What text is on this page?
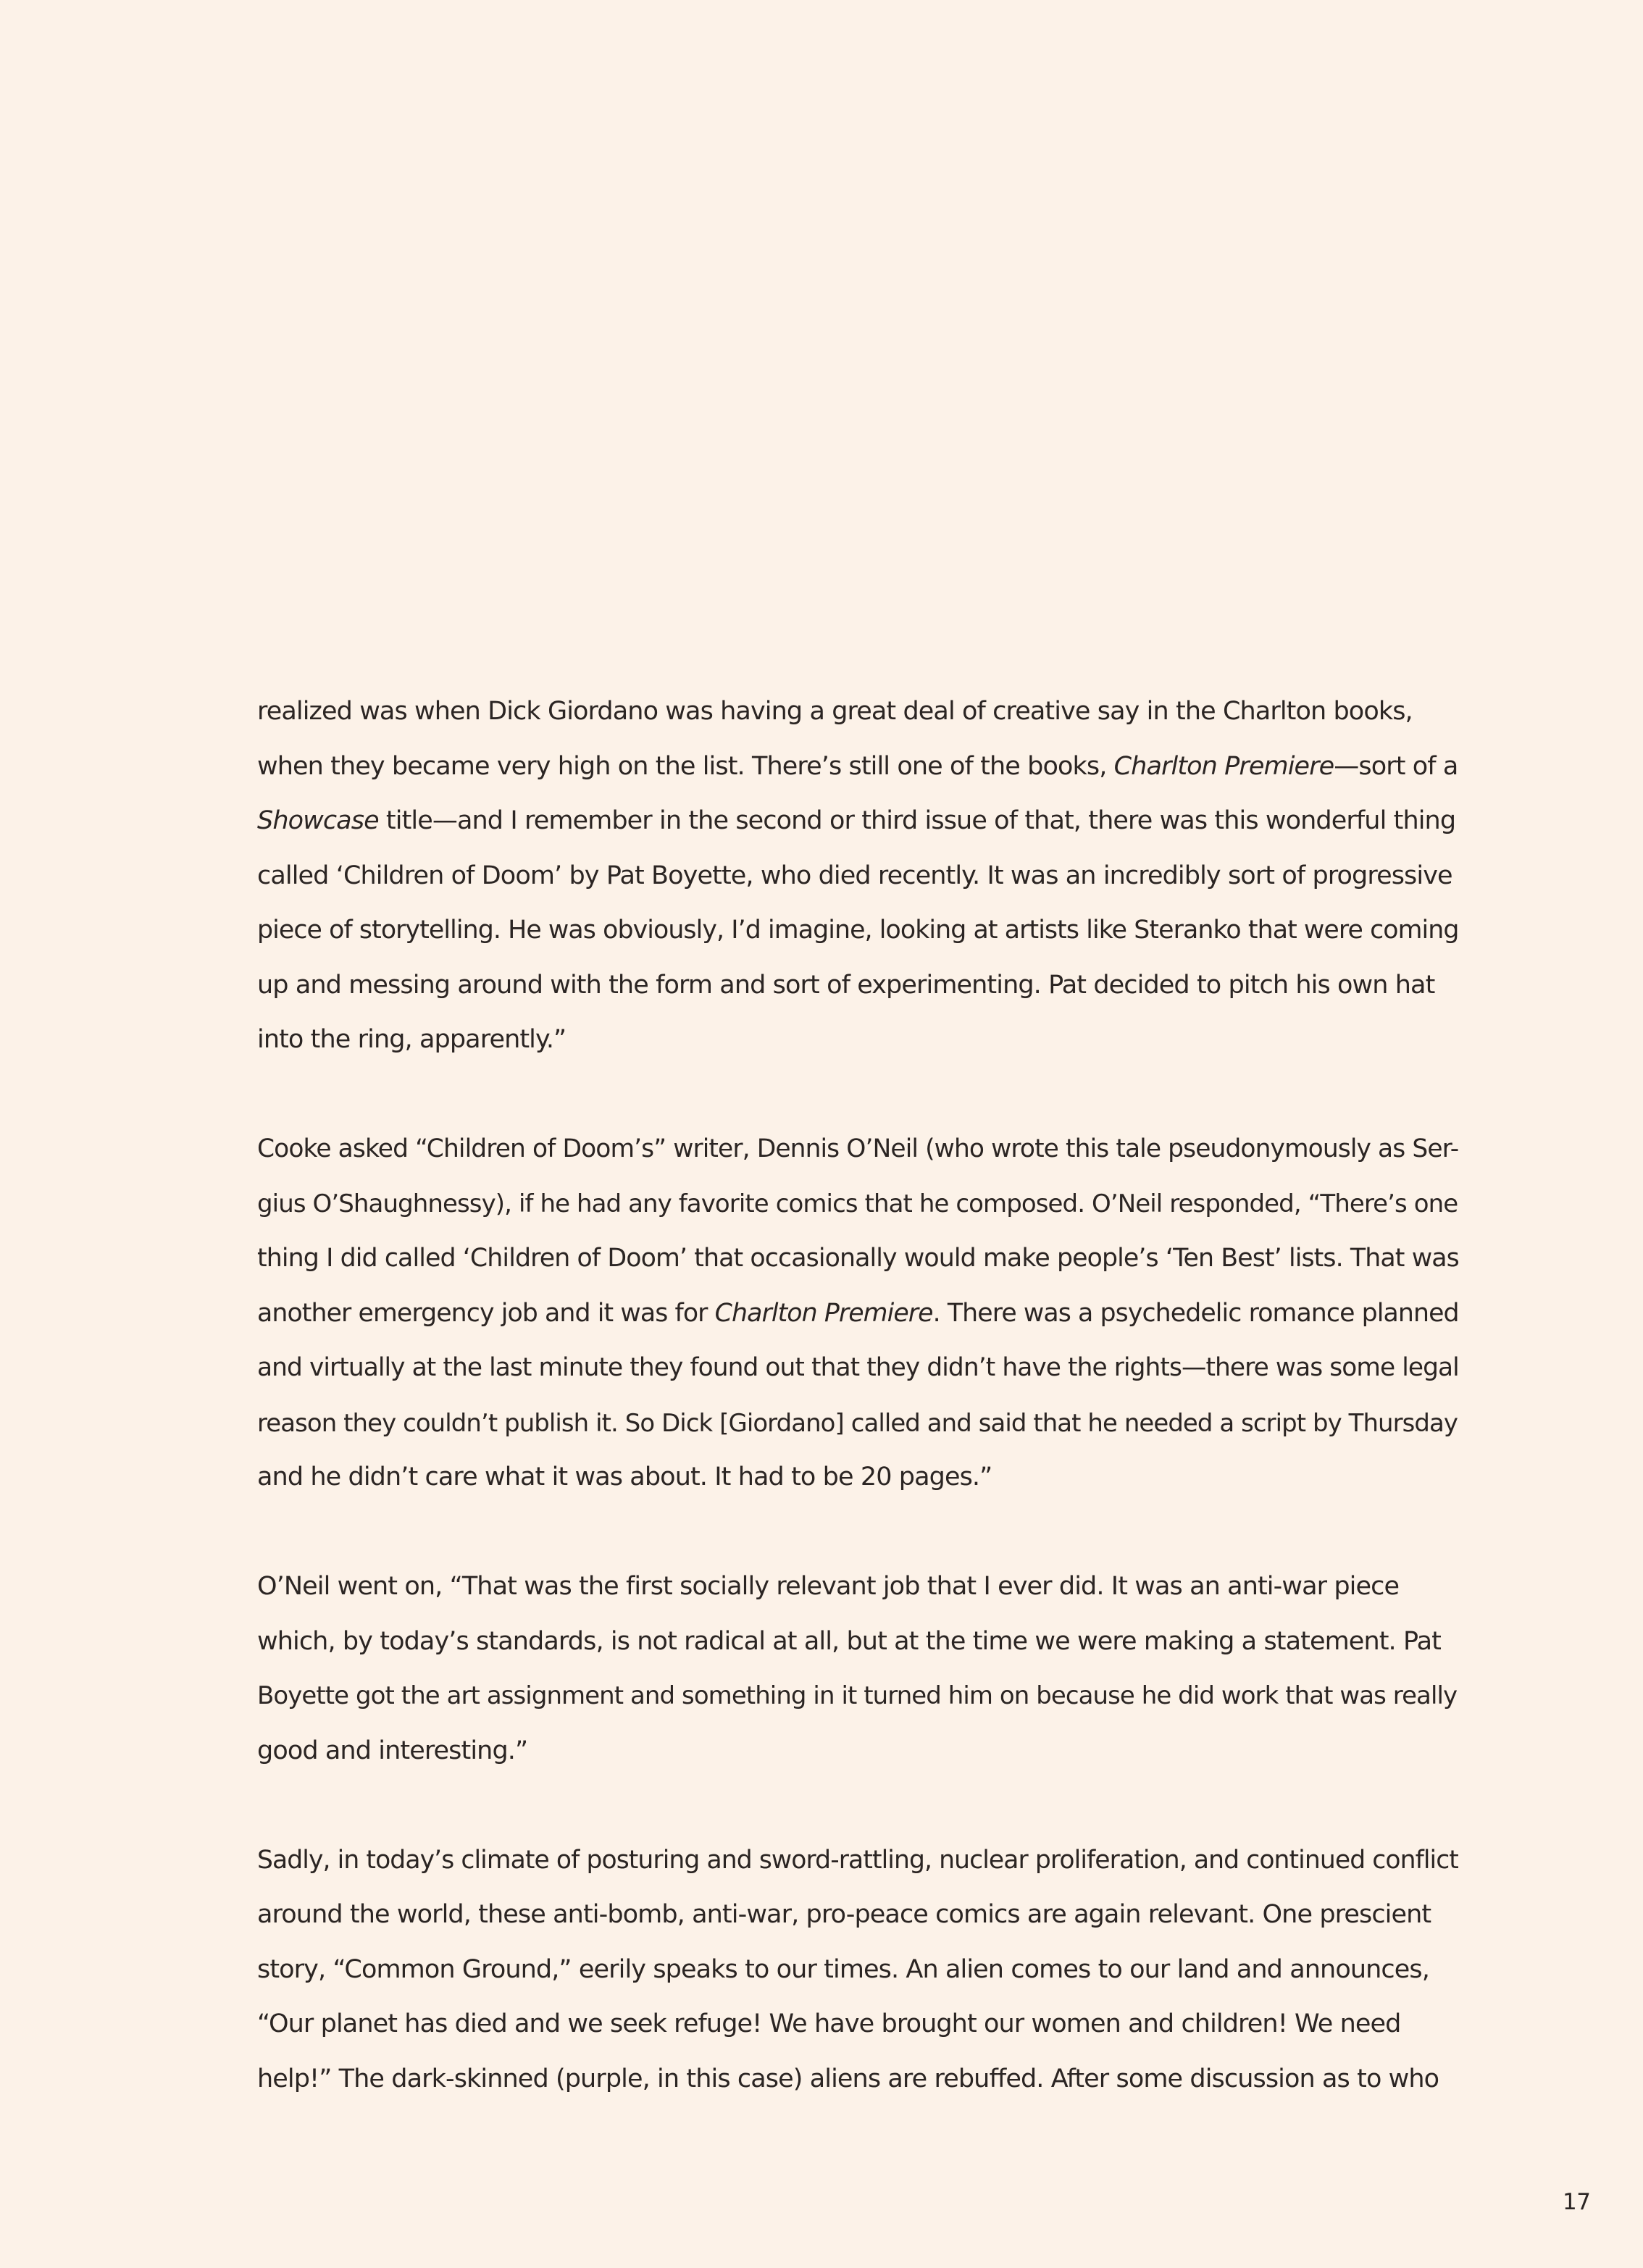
realized was when Dick Giordano was having a great deal of creative say in the Charlton books,

when they became very high on the list. There’s still one of the books, Charlton Premiere—sort of a

Showcase title—and I remember in the second or third issue of that, there was this wonderful thing

called ‘Children of Doom’ by Pat Boyette, who died recently. It was an incredibly sort of progressive

piece of storytelling. He was obviously, I’d imagine, looking at artists like Steranko that were coming

up and messing around with the form and sort of experimenting. Pat decided to pitch his own hat

into the ring, apparently.”

Cooke asked “Children of Doom’s” writer, Dennis O’Neil (who wrote this tale pseudonymously as Ser-

gius O’Shaughnessy), if he had any favorite comics that he composed. O’Neil responded, “There’s one

thing I did called ‘Children of Doom’ that occasionally would make people’s ‘Ten Best’ lists. That was

another emergency job and it was for Charlton Premiere. There was a psychedelic romance planned

and virtually at the last minute they found out that they didn’t have the rights—there was some legal

reason they couldn’t publish it. So Dick [Giordano] called and said that he needed a script by Thursday

and he didn’t care what it was about. It had to be 20 pages.”

O’Neil went on, “That was the first socially relevant job that I ever did. It was an anti-war piece

which, by today’s standards, is not radical at all, but at the time we were making a statement. Pat

Boyette got the art assignment and something in it turned him on because he did work that was really

good and interesting.”

Sadly, in today’s climate of posturing and sword-rattling, nuclear proliferation, and continued conflict

around the world, these anti-bomb, anti-war, pro-peace comics are again relevant. One prescient

story, “Common Ground,” eerily speaks to our times. An alien comes to our land and announces,

“Our planet has died and we seek refuge! We have brought our women and children! We need

help!” The dark-skinned (purple, in this case) aliens are rebuffed. After some discussion as to who

17
